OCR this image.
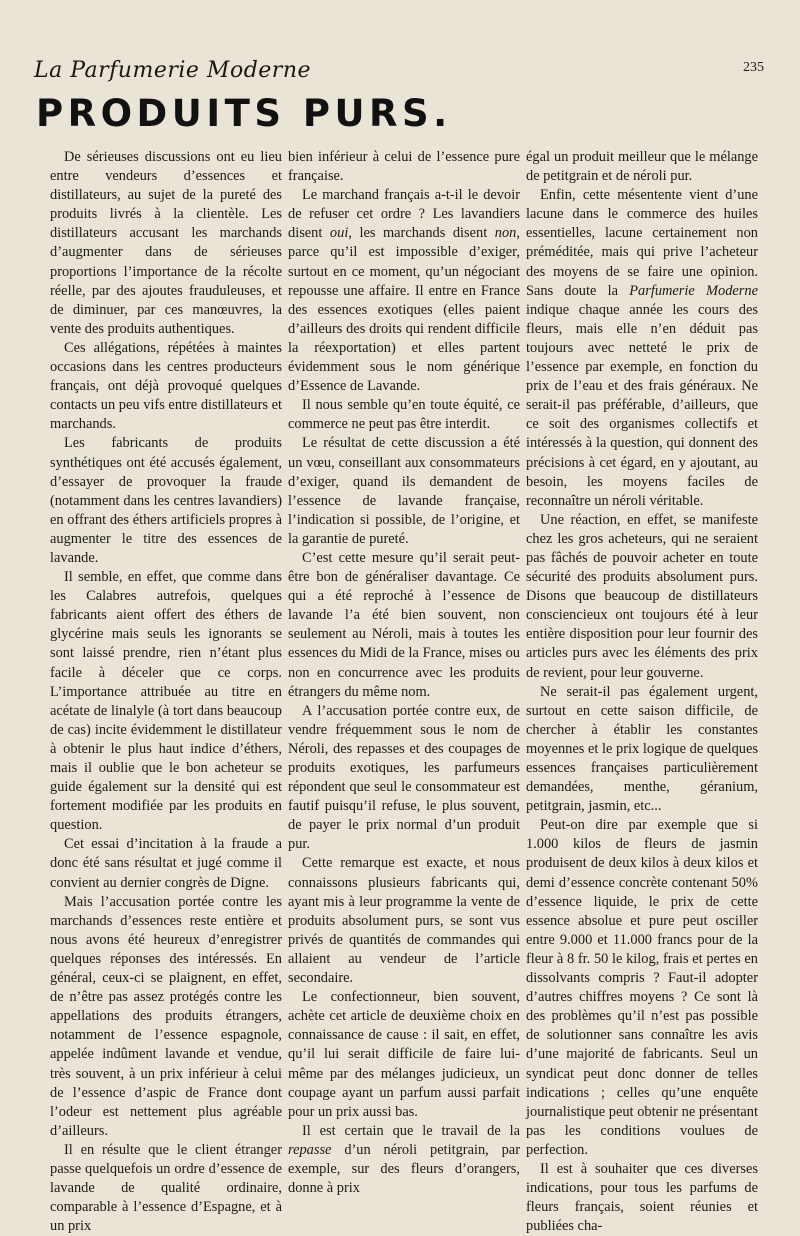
La Parfumerie Moderne	235
PRODUITS PURS.

De sérieuses discussions ont eu lieu entre vendeurs d’essences et distillateurs, au sujet de la pureté des produits livrés à la clientèle. Les distillateurs accusant les marchands d’augmenter dans de sérieuses proportions l’importance de la récolte réelle, par des ajoutes frauduleuses, et de diminuer, par ces manœuvres, la vente des produits authentiques.

Ces allégations, répétées à maintes occasions dans les centres producteurs français, ont déjà provoqué quelques contacts un peu vifs entre distillateurs et marchands.

Les fabricants de produits synthétiques ont été accusés également, d’essayer de provoquer la fraude (notamment dans les centres lavandiers) en offrant des éthers artificiels propres à augmenter le titre des essences de lavande.

Il semble, en effet, que comme dans les Calabres autrefois, quelques fabricants aient offert des éthers de glycérine mais seuls les ignorants se sont laissé prendre, rien n’étant plus facile à déceler que ce corps. L’importance attribuée au titre en acétate de linalyle (à tort dans beaucoup de cas) incite évidemment le distillateur à obtenir le plus haut indice d’éthers, mais il oublie que le bon acheteur se guide également sur la densité qui est fortement modifiée par les produits en question.

Cet essai d’incitation à la fraude a donc été sans résultat et jugé comme il convient au dernier congrès de Digne.

Mais l’accusation portée contre les marchands d’essences reste entière et nous avons été heureux d’enregistrer quelques réponses des intéressés. En général, ceux-ci se plaignent, en effet, de n’être pas assez protégés contre les appellations des produits étrangers, notamment de l’essence espagnole, appelée indûment lavande et vendue, très souvent, à un prix inférieur à celui de l’essence d’aspic de France dont l’odeur est nettement plus agréable d’ailleurs.

Il en résulte que le client étranger passe quelquefois un ordre d’essence de lavande de qualité ordinaire, comparable à l’essence d’Espagne, et à un prix

bien inférieur à celui de l’essence pure française.

Le marchand français a-t-il le devoir de refuser cet ordre ? Les lavandiers disent oui, les marchands disent non, parce qu’il est impossible d’exiger, surtout en ce moment, qu’un négociant repousse une affaire. Il entre en France des essences exotiques (elles paient d’ailleurs des droits qui rendent difficile la réexportation) et elles partent évidemment sous le nom générique d’Essence de Lavande.

Il nous semble qu’en toute équité, ce commerce ne peut pas être interdit.

Le résultat de cette discussion a été un vœu, conseillant aux consommateurs d’exiger, quand ils demandent de l’essence de lavande française, l’indication si possible, de l’origine, et la garantie de pureté.

C’est cette mesure qu’il serait peut-être bon de généraliser davantage. Ce qui a été reproché à l’essence de lavande l’a été bien souvent, non seulement au Néroli, mais à toutes les essences du Midi de la France, mises ou non en concurrence avec les produits étrangers du même nom.

A l’accusation portée contre eux, de vendre fréquemment sous le nom de Néroli, des repasses et des coupages de produits exotiques, les parfumeurs répondent que seul le consommateur est fautif puisqu’il refuse, le plus souvent, de payer le prix normal d’un produit pur.

Cette remarque est exacte, et nous connaissons plusieurs fabricants qui, ayant mis à leur programme la vente de produits absolument purs, se sont vus privés de quantités de commandes qui allaient au vendeur de l’article secondaire.

Le confectionneur, bien souvent, achète cet article de deuxième choix en connaissance de cause : il sait, en effet, qu’il lui serait difficile de faire lui-même par des mélanges judicieux, un coupage ayant un parfum aussi parfait pour un prix aussi bas.

Il est certain que le travail de la repasse d’un néroli petitgrain, par exemple, sur des fleurs d’orangers, donne à prix

égal un produit meilleur que le mélange de petitgrain et de néroli pur.

Enfin, cette mésentente vient d’une lacune dans le commerce des huiles essentielles, lacune certainement non préméditée, mais qui prive l’acheteur des moyens de se faire une opinion. Sans doute la Parfumerie Moderne indique chaque année les cours des fleurs, mais elle n’en déduit pas toujours avec netteté le prix de l’essence par exemple, en fonction du prix de l’eau et des frais généraux. Ne serait-il pas préférable, d’ailleurs, que ce soit des organismes collectifs et intéressés à la question, qui donnent des précisions à cet égard, en y ajoutant, au besoin, les moyens faciles de reconnaître un néroli véritable.

Une réaction, en effet, se manifeste chez les gros acheteurs, qui ne seraient pas fâchés de pouvoir acheter en toute sécurité des produits absolument purs. Disons que beaucoup de distillateurs consciencieux ont toujours été à leur entière disposition pour leur fournir des articles purs avec les éléments des prix de revient, pour leur gouverne.

Ne serait-il pas également urgent, surtout en cette saison difficile, de chercher à établir les constantes moyennes et le prix logique de quelques essences françaises particulièrement demandées, menthe, géranium, petitgrain, jasmin, etc...

Peut-on dire par exemple que si 1.000 kilos de fleurs de jasmin produisent de deux kilos à deux kilos et demi d’essence concrète contenant 50% d’essence liquide, le prix de cette essence absolue et pure peut osciller entre 9.000 et 11.000 francs pour de la fleur à 8 fr. 50 le kilog, frais et pertes en dissolvants compris ? Faut-il adopter d’autres chiffres moyens ? Ce sont là des problèmes qu’il n’est pas possible de solutionner sans connaître les avis d’une majorité de fabricants. Seul un syndicat peut donc donner de telles indications ; celles qu’une enquête journalistique peut obtenir ne présentant pas les conditions voulues de perfection.

Il est à souhaiter que ces diverses indications, pour tous les parfums de fleurs français, soient réunies et publiées cha-
